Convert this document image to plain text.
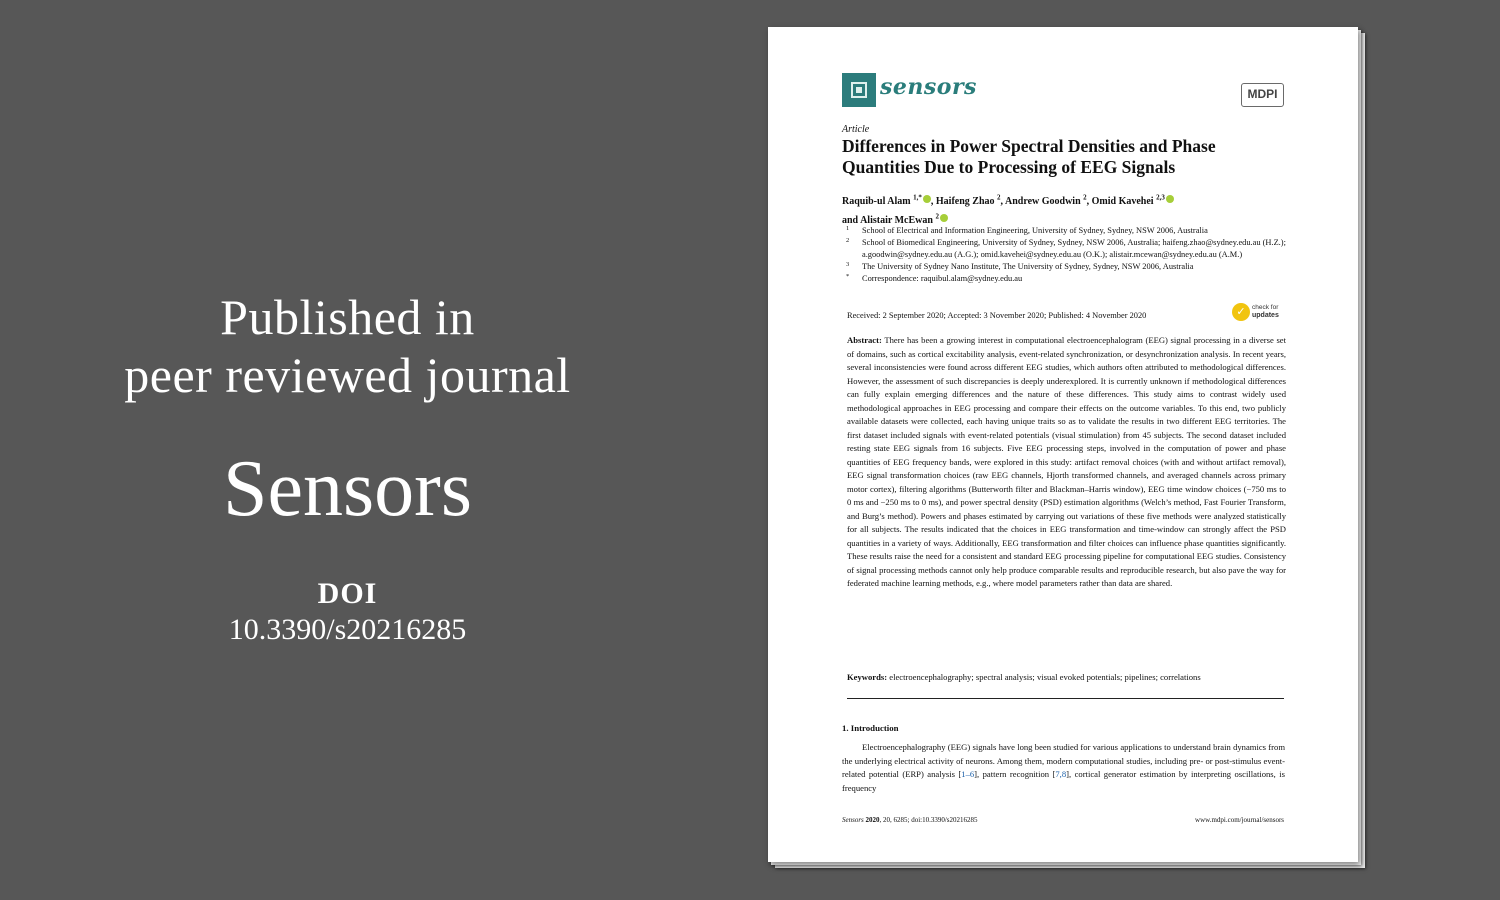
Published in
peer reviewed journal
Sensors
DOI
10.3390/s20216285
sensors	MDPI
Article
Differences in Power Spectral Densities and Phase Quantities Due to Processing of EEG Signals
Raquib-ul Alam $^{1,*}$ , Haifeng Zhao $^2$, Andrew Goodwin $^2$, Omid Kavehei $^{2,3}$
and Alistair McEwan $^2$
1 School of Electrical and Information Engineering, University of Sydney, Sydney, NSW 2006, Australia
2 School of Biomedical Engineering, University of Sydney, Sydney, NSW 2006, Australia; haifeng.zhao@sydney.edu.au (H.Z.); a.goodwin@sydney.edu.au (A.G.); omid.kavehei@sydney.edu.au (O.K.); alistair.mcewan@sydney.edu.au (A.M.)
3 The University of Sydney Nano Institute, The University of Sydney, Sydney, NSW 2006, Australia
* Correspondence: raquibul.alam@sydney.edu.au
Received: 2 September 2020; Accepted: 3 November 2020; Published: 4 November 2020	✓ check for
updates
Abstract: There has been a growing interest in computational electroencephalogram (EEG) signal processing in a diverse set of domains, such as cortical excitability analysis, event-related synchronization, or desynchronization analysis. In recent years, several inconsistencies were found across different EEG studies, which authors often attributed to methodological differences. However, the assessment of such discrepancies is deeply underexplored. It is currently unknown if methodological differences can fully explain emerging differences and the nature of these differences. This study aims to contrast widely used methodological approaches in EEG processing and compare their effects on the outcome variables. To this end, two publicly available datasets were collected, each having unique traits so as to validate the results in two different EEG territories. The first dataset included signals with event-related potentials (visual stimulation) from 45 subjects. The second dataset included resting state EEG signals from 16 subjects. Five EEG processing steps, involved in the computation of power and phase quantities of EEG frequency bands, were explored in this study: artifact removal choices (with and without artifact removal), EEG signal transformation choices (raw EEG channels, Hjorth transformed channels, and averaged channels across primary motor cortex), filtering algorithms (Butterworth filter and Blackman–Harris window), EEG time window choices (−750 ms to 0 ms and −250 ms to 0 ms), and power spectral density (PSD) estimation algorithms (Welch’s method, Fast Fourier Transform, and Burg’s method). Powers and phases estimated by carrying out variations of these five methods were analyzed statistically for all subjects. The results indicated that the choices in EEG transformation and time-window can strongly affect the PSD quantities in a variety of ways. Additionally, EEG transformation and filter choices can influence phase quantities significantly. These results raise the need for a consistent and standard EEG processing pipeline for computational EEG studies. Consistency of signal processing methods cannot only help produce comparable results and reproducible research, but also pave the way for federated machine learning methods, e.g., where model parameters rather than data are shared.
Keywords: electroencephalography; spectral analysis; visual evoked potentials; pipelines; correlations
1. Introduction
Electroencephalography (EEG) signals have long been studied for various applications to understand brain dynamics from the underlying electrical activity of neurons. Among them, modern computational studies, including pre- or post-stimulus event-related potential (ERP) analysis [1–6], pattern recognition [7,8], cortical generator estimation by interpreting oscillations, is frequency
Sensors 2020, 20, 6285; doi:10.3390/s20216285	www.mdpi.com/journal/sensors
